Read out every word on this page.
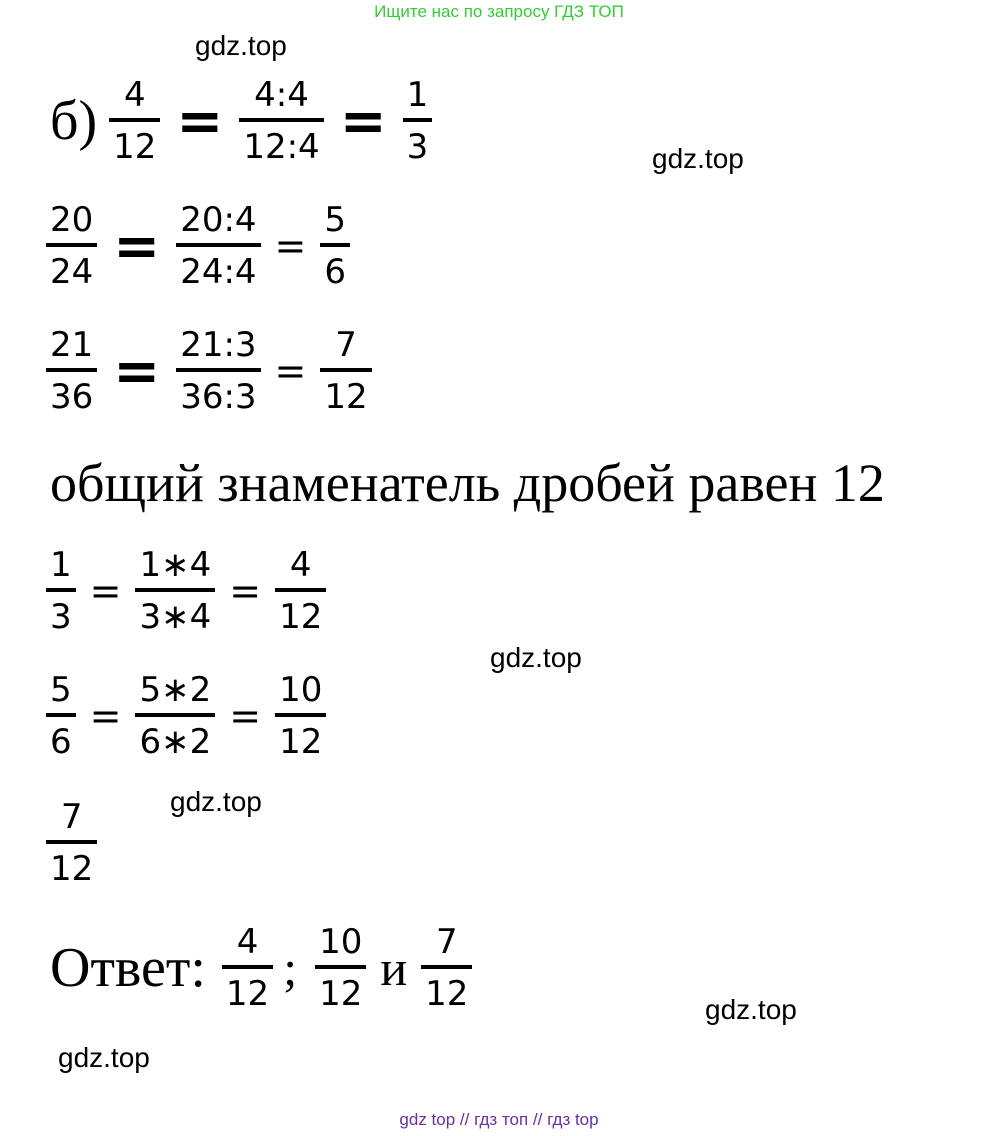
Ищите нас по запросу ГДЗ ТОП
gdz.top
gdz.top
gdz.top
gdz.top
gdz.top
gdz.top
$б) \frac{4}{12} = \frac{4:4}{12:4} = \frac{1}{3}$
$\frac{20}{24} = \frac{20:4}{24:4} = \frac{5}{6}$
$\frac{21}{36} = \frac{21:3}{36:3} = \frac{7}{12}$
общий знаменатель дробей равен 12
$\frac{1}{3} = \frac{1∗4}{3∗4} = \frac{4}{12}$
$\frac{5}{6} = \frac{5∗2}{6∗2} = \frac{10}{12}$
$\frac{7}{12}$
Ответ: $\frac{4}{12}$ ; $\frac{10}{12}$ и $\frac{7}{12}$
gdz top // гдз топ // гдз top
